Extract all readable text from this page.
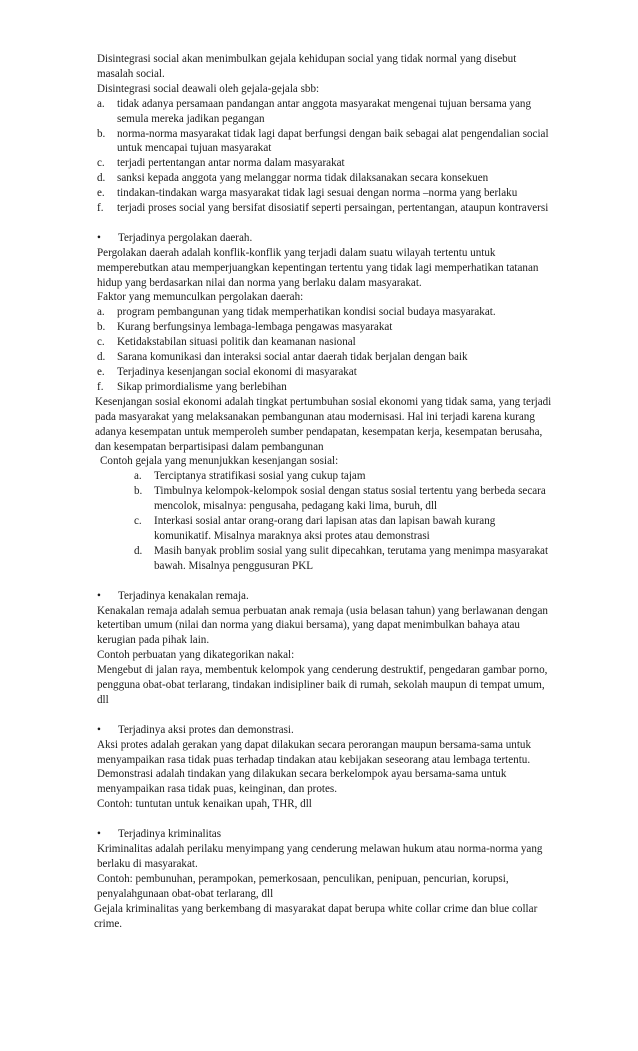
Disintegrasi social akan menimbulkan gejala kehidupan social yang tidak normal yang disebut masalah social.

Disintegrasi social deawali oleh gejala-gejala sbb:

a.	tidak adanya persamaan pandangan antar anggota masyarakat mengenai tujuan bersama yang semula mereka jadikan pegangan
b.	norma-norma masyarakat tidak lagi dapat berfungsi dengan baik sebagai alat pengendalian social untuk mencapai tujuan masyarakat
c.	terjadi pertentangan antar norma dalam masyarakat
d.	sanksi kepada anggota yang melanggar norma tidak dilaksanakan secara konsekuen
e.	tindakan-tindakan warga masyarakat tidak lagi sesuai dengan norma –norma yang berlaku
f.	terjadi proses social yang bersifat disosiatif seperti persaingan, pertentangan, ataupun kontraversi
•	Terjadinya pergolakan daerah.

Pergolakan daerah adalah konflik-konflik yang terjadi dalam suatu wilayah tertentu untuk memperebutkan atau memperjuangkan kepentingan tertentu yang tidak lagi memperhatikan tatanan hidup yang berdasarkan nilai dan norma yang berlaku dalam masyarakat.

Faktor yang memunculkan pergolakan daerah:

a.	program pembangunan yang tidak memperhatikan kondisi social budaya masyarakat.
b.	Kurang berfungsinya lembaga-lembaga pengawas masyarakat
c.	Ketidakstabilan situasi politik dan keamanan nasional
d.	Sarana komunikasi dan interaksi social antar daerah tidak berjalan dengan baik
e.	Terjadinya kesenjangan social ekonomi di masyarakat
f.	Sikap primordialisme yang berlebihan

Kesenjangan sosial ekonomi adalah tingkat pertumbuhan sosial ekonomi yang tidak sama, yang terjadi pada masyarakat yang melaksanakan pembangunan atau modernisasi. Hal ini terjadi karena kurang adanya kesempatan untuk memperoleh sumber pendapatan, kesempatan kerja, kesempatan berusaha, dan kesempatan berpartisipasi dalam pembangunan

Contoh gejala yang menunjukkan kesenjangan sosial:

a.	Terciptanya stratifikasi sosial yang cukup tajam
b.	Timbulnya kelompok-kelompok sosial dengan status sosial tertentu yang berbeda secara mencolok, misalnya: pengusaha, pedagang kaki lima, buruh, dll
c.	Interkasi sosial antar orang-orang dari lapisan atas dan lapisan bawah kurang komunikatif. Misalnya maraknya aksi protes atau demonstrasi
d.	Masih banyak problim sosial yang sulit dipecahkan, terutama yang menimpa masyarakat bawah. Misalnya penggusuran PKL
•	Terjadinya kenakalan remaja.

Kenakalan remaja adalah semua perbuatan anak remaja (usia belasan tahun) yang berlawanan dengan ketertiban umum (nilai dan norma yang diakui bersama), yang dapat menimbulkan bahaya atau kerugian pada pihak lain.

Contoh perbuatan yang dikategorikan nakal:

Mengebut di jalan raya, membentuk kelompok yang cenderung destruktif, pengedaran gambar porno, pengguna obat-obat terlarang, tindakan indisipliner baik di rumah, sekolah maupun di tempat umum, dll

•	Terjadinya aksi protes dan demonstrasi.

Aksi protes adalah gerakan yang dapat dilakukan secara perorangan maupun bersama-sama untuk menyampaikan rasa tidak puas terhadap tindakan atau kebijakan seseorang atau lembaga tertentu.

Demonstrasi adalah tindakan yang dilakukan secara berkelompok ayau bersama-sama untuk menyampaikan rasa tidak puas, keinginan, dan protes.

Contoh: tuntutan untuk kenaikan upah, THR, dll

•	Terjadinya kriminalitas

Kriminalitas adalah perilaku menyimpang yang cenderung melawan hukum atau norma-norma yang berlaku di masyarakat.

Contoh: pembunuhan, perampokan, pemerkosaan, penculikan, penipuan, pencurian, korupsi, penyalahgunaan obat-obat terlarang, dll

Gejala kriminalitas yang berkembang di masyarakat dapat berupa white collar crime dan blue collar crime.
